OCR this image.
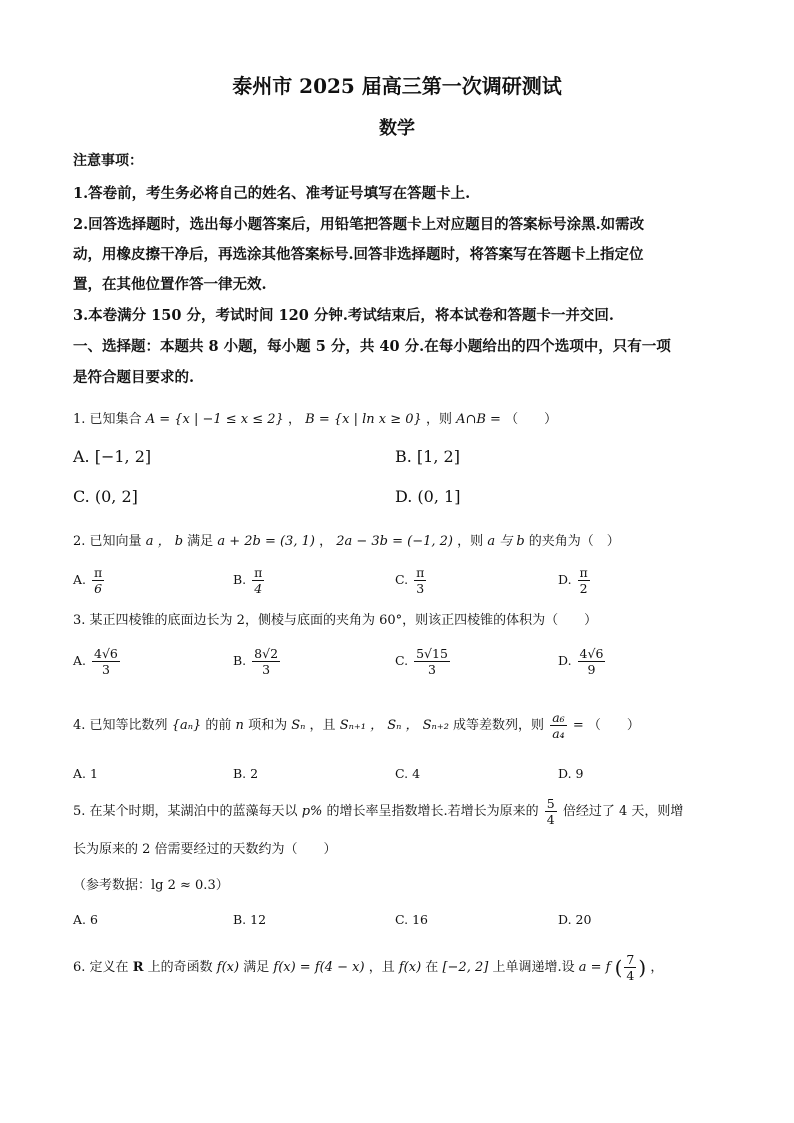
泰州市 2025 届高三第一次调研测试
数学
注意事项：
1.答卷前，考生务必将自己的姓名、准考证号填写在答题卡上.
2.回答选择题时，选出每小题答案后，用铅笔把答题卡上对应题目的答案标号涂黑.如需改
动，用橡皮擦干净后，再选涂其他答案标号.回答非选择题时，将答案写在答题卡上指定位
置，在其他位置作答一律无效.
3.本卷满分 150 分，考试时间 120 分钟.考试结束后，将本试卷和答题卡一并交回.
一、选择题：本题共 8 小题，每小题 5 分，共 40 分.在每小题给出的四个选项中，只有一项
是符合题目要求的.
1. 已知集合 A = {x | −1 ≤ x ≤ 2} ， B = {x | ln x ≥ 0} ，则 A∩B = （　　）
A. [−1, 2]	B. [1, 2]
C. (0, 2]	D. (0, 1]
2. 已知向量 a ， b 满足 a + 2b = (3, 1) ， 2a − 3b = (−1, 2) ，则 a 与 b 的夹角为（　）
A. $\frac{\pi}{6}$	B. $\frac{\pi}{4}$	C. $\frac{\pi}{3}$	D. $\frac{\pi}{2}$
3. 某正四棱锥的底面边长为 2，侧棱与底面的夹角为 60°，则该正四棱锥的体积为（　　）
A. $\frac{4√6}{3}$	B. $\frac{8√2}{3}$	C. $\frac{5√15}{3}$	D. $\frac{4√6}{9}$
4. 已知等比数列 {aₙ} 的前 n 项和为 Sₙ ，且 Sₙ₊₁ ， Sₙ ， Sₙ₊₂ 成等差数列，则 $\frac{\text{a₆}}{\text{a₄}}$ = （　　）
A. 1	B. 2	C. 4	D. 9
5. 在某个时期，某湖泊中的蓝藻每天以 p% 的增长率呈指数增长.若增长为原来的 $\frac{5}{4}$ 倍经过了 4 天，则增
长为原来的 2 倍需要经过的天数约为（　　）
（参考数据：lg 2 ≈ 0.3）
A. 6	B. 12	C. 16	D. 20
6. 定义在 R 上的奇函数 f(x) 满足 f(x) = f(4 − x) ，且 f(x) 在 [−2, 2] 上单调递增.设 a = f ( $\frac{7}{4}$ ) ，
